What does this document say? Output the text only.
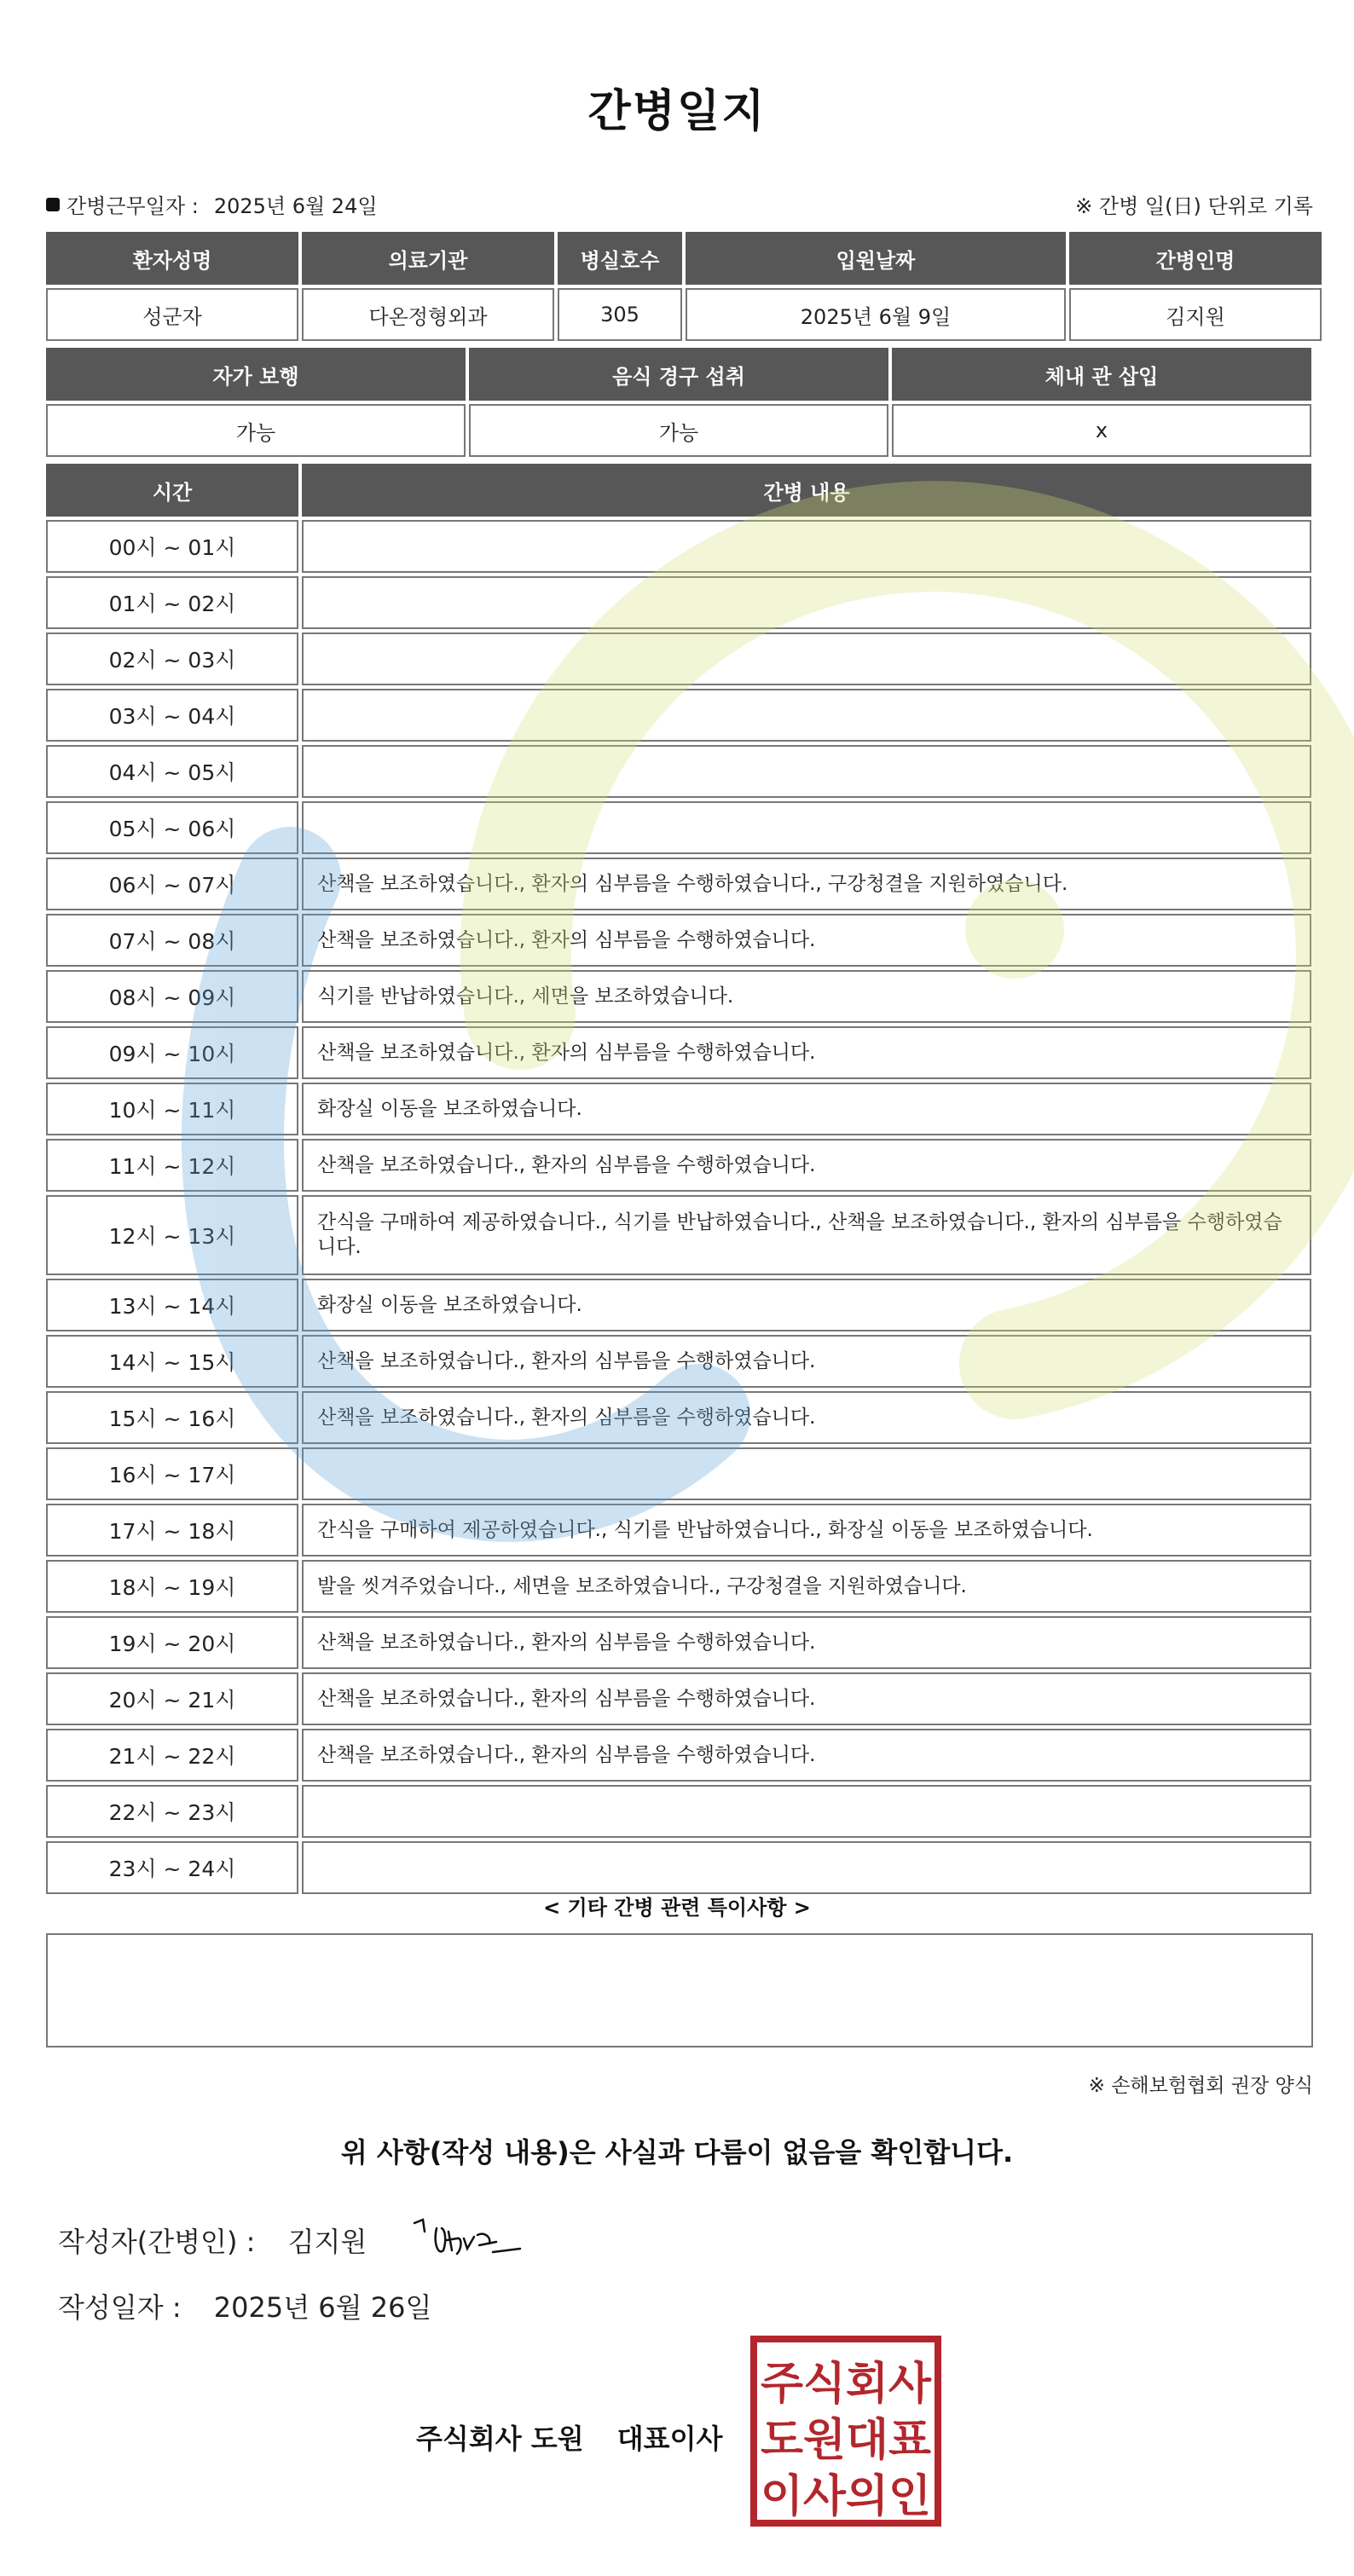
간병일지
간병근무일자 : 2025년 6월 24일	※ 간병 일(日) 단위로 기록
환자성명	의료기관	병실호수	입원날짜	간병인명
성군자	다온정형외과	305	2025년 6월 9일	김지원
자가 보행	음식 경구 섭취	체내 관 삽입
가능	가능	x
시간	간병 내용
00시 ~ 01시	
01시 ~ 02시	
02시 ~ 03시	
03시 ~ 04시	
04시 ~ 05시	
05시 ~ 06시	
06시 ~ 07시	산책을 보조하였습니다., 환자의 심부름을 수행하였습니다., 구강청결을 지원하였습니다.
07시 ~ 08시	산책을 보조하였습니다., 환자의 심부름을 수행하였습니다.
08시 ~ 09시	식기를 반납하였습니다., 세면을 보조하였습니다.
09시 ~ 10시	산책을 보조하였습니다., 환자의 심부름을 수행하였습니다.
10시 ~ 11시	화장실 이동을 보조하였습니다.
11시 ~ 12시	산책을 보조하였습니다., 환자의 심부름을 수행하였습니다.
12시 ~ 13시	간식을 구매하여 제공하였습니다., 식기를 반납하였습니다., 산책을 보조하였습니다., 환자의 심부름을 수행하였습니다.
13시 ~ 14시	화장실 이동을 보조하였습니다.
14시 ~ 15시	산책을 보조하였습니다., 환자의 심부름을 수행하였습니다.
15시 ~ 16시	산책을 보조하였습니다., 환자의 심부름을 수행하였습니다.
16시 ~ 17시	
17시 ~ 18시	간식을 구매하여 제공하였습니다., 식기를 반납하였습니다., 화장실 이동을 보조하였습니다.
18시 ~ 19시	발을 씻겨주었습니다., 세면을 보조하였습니다., 구강청결을 지원하였습니다.
19시 ~ 20시	산책을 보조하였습니다., 환자의 심부름을 수행하였습니다.
20시 ~ 21시	산책을 보조하였습니다., 환자의 심부름을 수행하였습니다.
21시 ~ 22시	산책을 보조하였습니다., 환자의 심부름을 수행하였습니다.
22시 ~ 23시	
23시 ~ 24시	
< 기타 간병 관련 특이사항 >
※ 손해보험협회 권장 양식
위 사항(작성 내용)은 사실과 다름이 없음을 확인합니다.
작성자(간병인) : 김지원
작성일자 : 2025년 6월 26일
주식회사 도원 대표이사
주식회사
도원대표
이사의인
